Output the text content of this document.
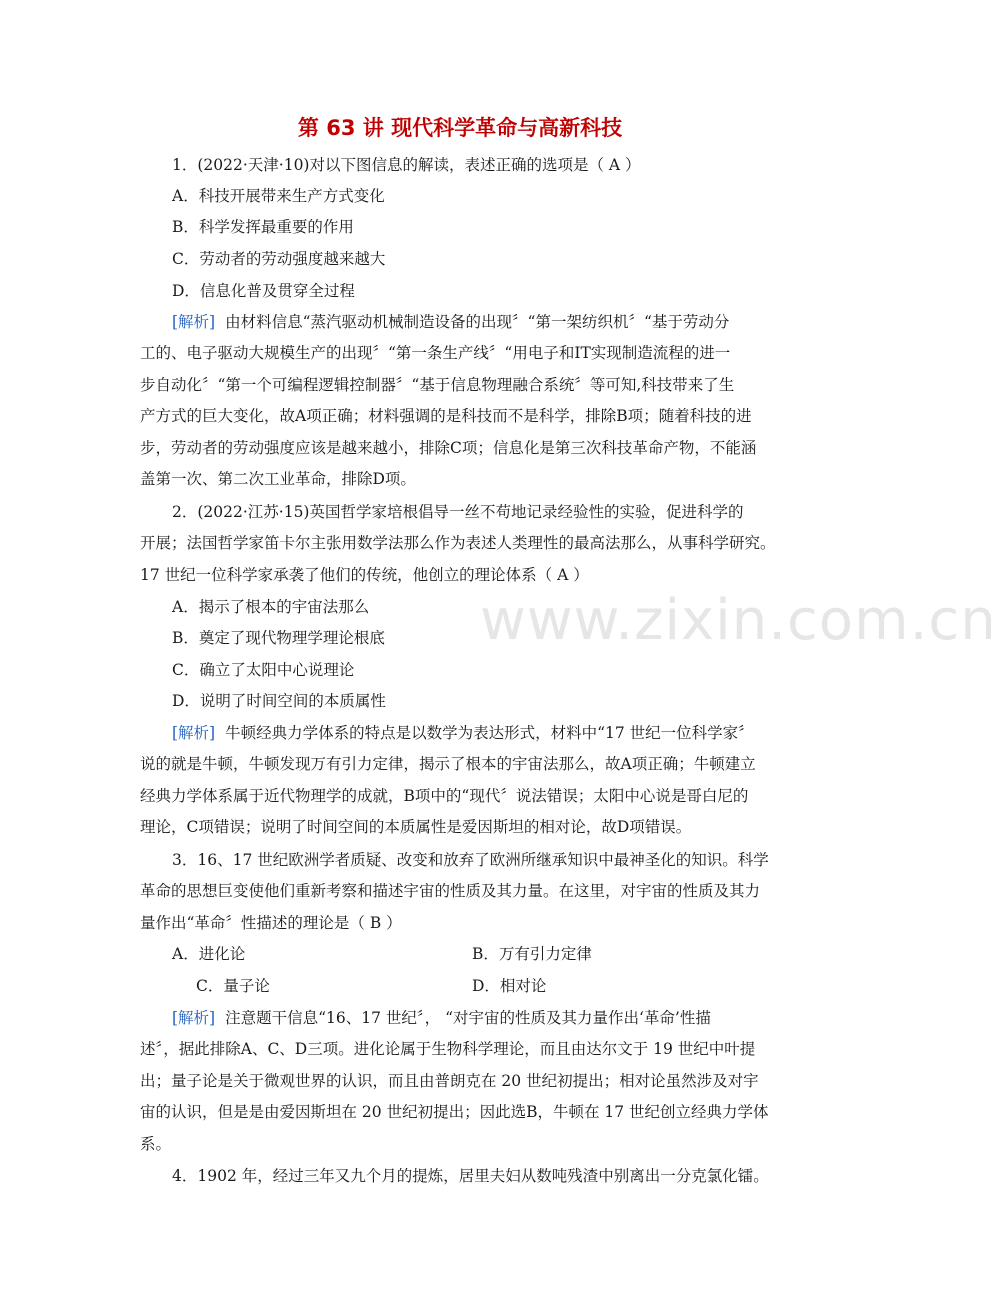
www.zixin.com.cn
第 63 讲 现代科学革命与高新科技
1．(2022·天津·10)对以下图信息的解读，表述正确的选项是（ A ）
A．科技开展带来生产方式变化
B．科学发挥最重要的作用
C．劳动者的劳动强度越来越大
D．信息化普及贯穿全过程
[解析] 由材料信息“蒸汽驱动机械制造设备的出现〞“第一架纺织机〞“基于劳动分
工的、电子驱动大规模生产的出现〞“第一条生产线〞“用电子和IT实现制造流程的进一
步自动化〞“第一个可编程逻辑控制器〞“基于信息物理融合系统〞等可知,科技带来了生
产方式的巨大变化，故A项正确；材料强调的是科技而不是科学，排除B项；随着科技的进
步，劳动者的劳动强度应该是越来越小，排除C项；信息化是第三次科技革命产物，不能涵
盖第一次、第二次工业革命，排除D项。
2．(2022·江苏·15)英国哲学家培根倡导一丝不苟地记录经验性的实验，促进科学的
开展；法国哲学家笛卡尔主张用数学法那么作为表述人类理性的最高法那么，从事科学研究。
17 世纪一位科学家承袭了他们的传统，他创立的理论体系（ A ）
A．揭示了根本的宇宙法那么
B．奠定了现代物理学理论根底
C．确立了太阳中心说理论
D．说明了时间空间的本质属性
[解析] 牛顿经典力学体系的特点是以数学为表达形式，材料中“17 世纪一位科学家〞
说的就是牛顿，牛顿发现万有引力定律，揭示了根本的宇宙法那么，故A项正确；牛顿建立
经典力学体系属于近代物理学的成就，B项中的“现代〞说法错误；太阳中心说是哥白尼的
理论，C项错误；说明了时间空间的本质属性是爱因斯坦的相对论，故D项错误。
3．16、17 世纪欧洲学者质疑、改变和放弃了欧洲所继承知识中最神圣化的知识。科学
革命的思想巨变使他们重新考察和描述宇宙的性质及其力量。在这里，对宇宙的性质及其力
量作出“革命〞性描述的理论是（ B ）
A．进化论	B．万有引力定律
C．量子论	D．相对论
[解析] 注意题干信息“16、17 世纪〞， “对宇宙的性质及其力量作出‘革命’性描
述〞，据此排除A、C、D三项。进化论属于生物科学理论，而且由达尔文于 19 世纪中叶提
出；量子论是关于微观世界的认识，而且由普朗克在 20 世纪初提出；相对论虽然涉及对宇
宙的认识，但是是由爱因斯坦在 20 世纪初提出；因此选B，牛顿在 17 世纪创立经典力学体
系。
4．1902 年，经过三年又九个月的提炼，居里夫妇从数吨残渣中别离出一分克氯化镭。
